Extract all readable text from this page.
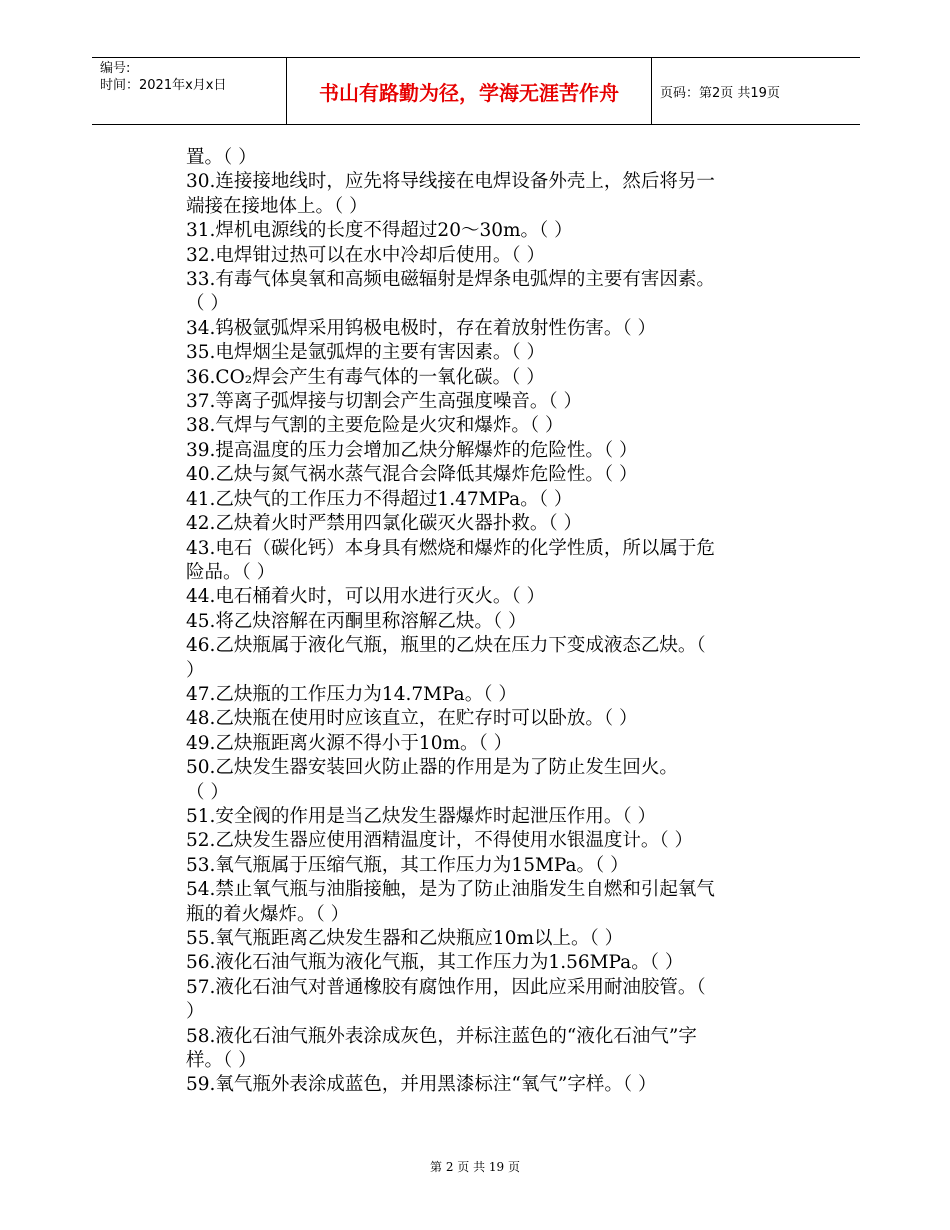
编号:
时间：2021年x月x日	书山有路勤为径，学海无涯苦作舟	页码：第2页 共19页

置。（ ）

30.连接接地线时，应先将导线接在电焊设备外壳上，然后将另一

端接在接地体上。（ ）

31.焊机电源线的长度不得超过20～30m。（ ）

32.电焊钳过热可以在水中冷却后使用。（ ）

33.有毒气体臭氧和高频电磁辐射是焊条电弧焊的主要有害因素。

（ ）

34.钨极氩弧焊采用钨极电极时，存在着放射性伤害。（ ）

35.电焊烟尘是氩弧焊的主要有害因素。（ ）

36.CO₂焊会产生有毒气体的一氧化碳。（ ）

37.等离子弧焊接与切割会产生高强度噪音。（ ）

38.气焊与气割的主要危险是火灾和爆炸。（ ）

39.提高温度的压力会增加乙炔分解爆炸的危险性。（ ）

40.乙炔与氮气祸水蒸气混合会降低其爆炸危险性。（ ）

41.乙炔气的工作压力不得超过1.47MPa。（ ）

42.乙炔着火时严禁用四氯化碳灭火器扑救。（ ）

43.电石（碳化钙）本身具有燃烧和爆炸的化学性质，所以属于危

险品。（ ）

44.电石桶着火时，可以用水进行灭火。（ ）

45.将乙炔溶解在丙酮里称溶解乙炔。（ ）

46.乙炔瓶属于液化气瓶，瓶里的乙炔在压力下变成液态乙炔。（

）

47.乙炔瓶的工作压力为14.7MPa。（ ）

48.乙炔瓶在使用时应该直立，在贮存时可以卧放。（ ）

49.乙炔瓶距离火源不得小于10m。（ ）

50.乙炔发生器安装回火防止器的作用是为了防止发生回火。

（ ）

51.安全阀的作用是当乙炔发生器爆炸时起泄压作用。（ ）

52.乙炔发生器应使用酒精温度计，不得使用水银温度计。（ ）

53.氧气瓶属于压缩气瓶，其工作压力为15MPa。（ ）

54.禁止氧气瓶与油脂接触，是为了防止油脂发生自燃和引起氧气

瓶的着火爆炸。（ ）

55.氧气瓶距离乙炔发生器和乙炔瓶应10m以上。（ ）

56.液化石油气瓶为液化气瓶，其工作压力为1.56MPa。（ ）

57.液化石油气对普通橡胶有腐蚀作用，因此应采用耐油胶管。（

）

58.液化石油气瓶外表涂成灰色，并标注蓝色的“液化石油气”字

样。（ ）

59.氧气瓶外表涂成蓝色，并用黑漆标注“氧气”字样。（ ）

第 2 页 共 19 页
